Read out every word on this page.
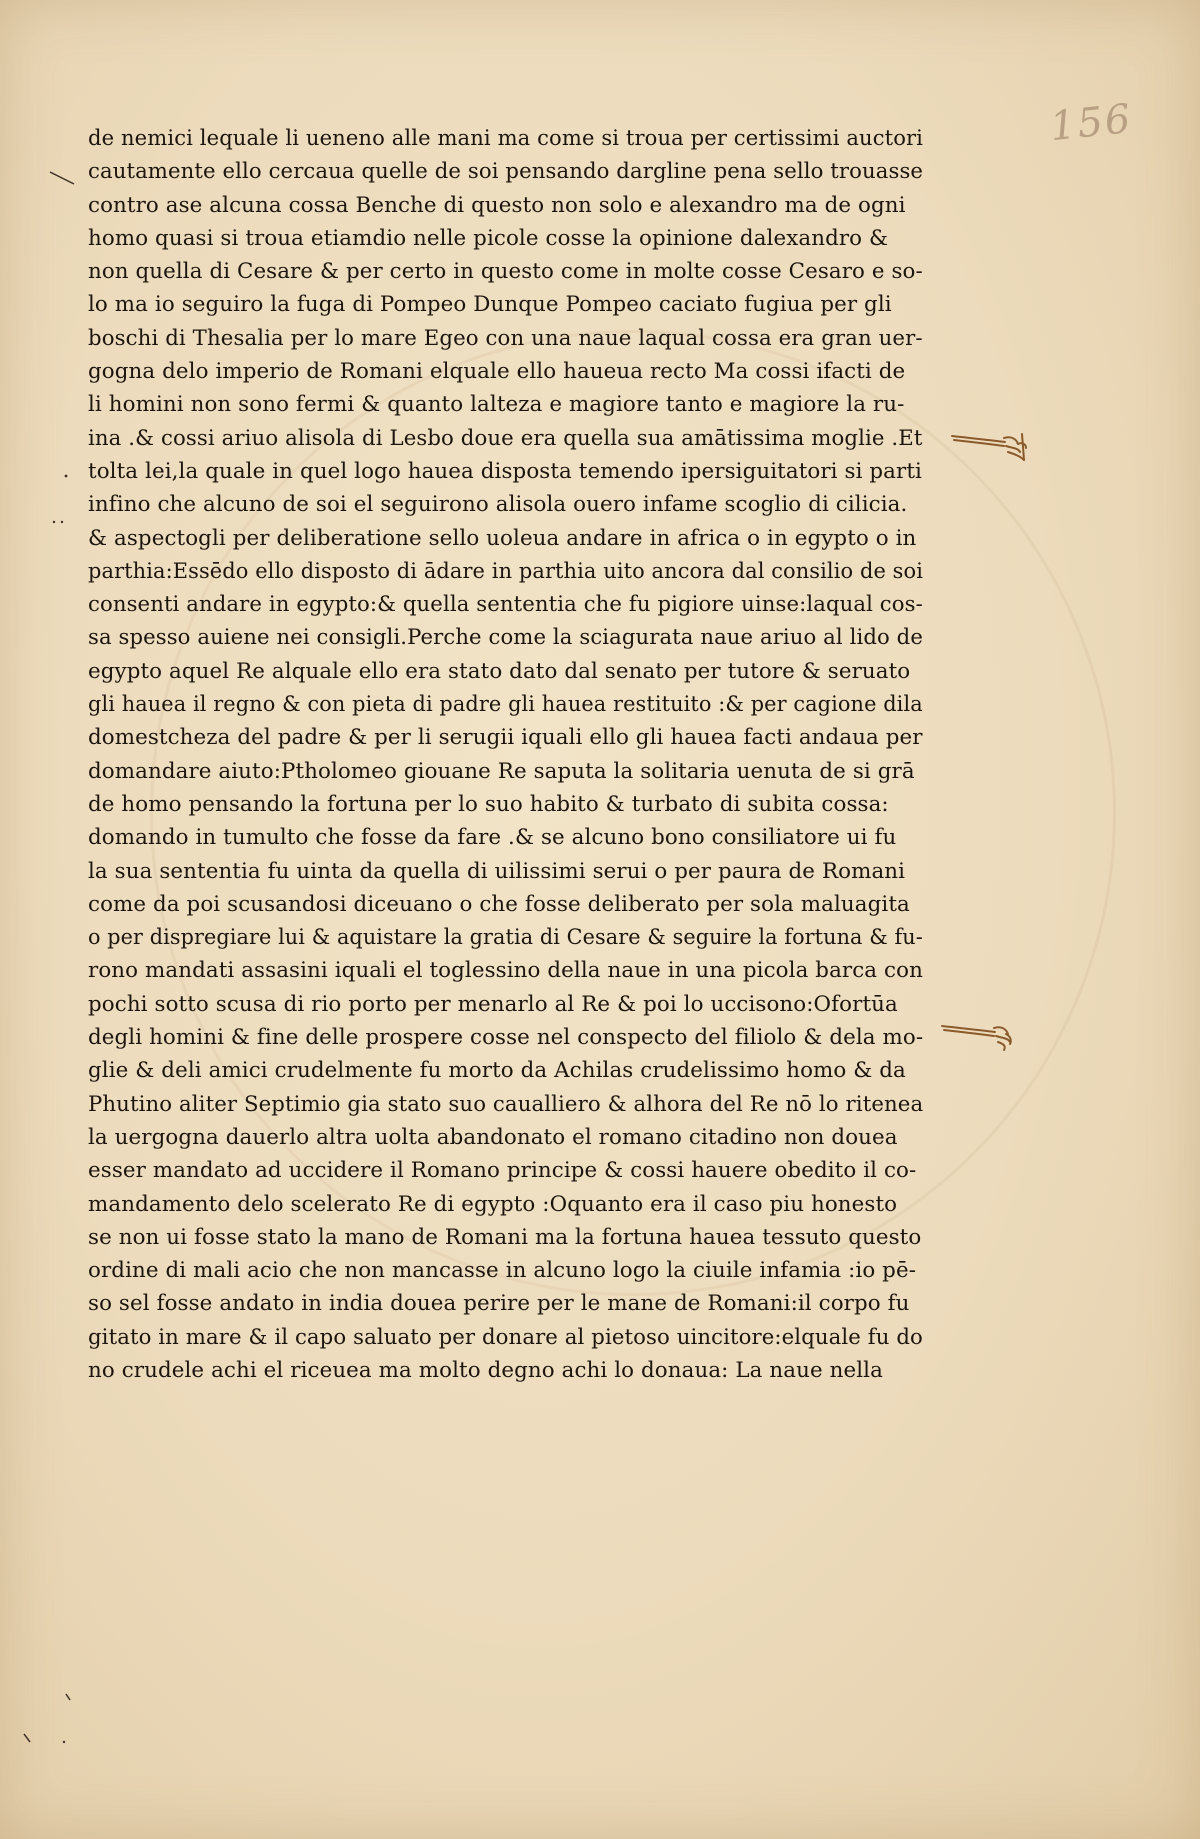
156
de nemici lequale li ueneno alle mani ma come si troua per certissimi auctori
cautamente ello cercaua quelle de soi pensando dargline pena sello trouasse
contro ase alcuna cossa Benche di questo non solo e alexandro ma de ogni
homo quasi si troua etiamdio nelle picole cosse la opinione dalexandro &
non quella di Cesare & per certo in questo come in molte cosse Cesaro e so-
lo ma io seguiro la fuga di Pompeo Dunque Pompeo caciato fugiua per gli
boschi di Thesalia per lo mare Egeo con una naue laqual cossa era gran uer-
gogna delo imperio de Romani elquale ello haueua recto Ma cossi ifacti de
li homini non sono fermi & quanto lalteza e magiore tanto e magiore la ru-
ina .& cossi ariuo alisola di Lesbo doue era quella sua amātissima moglie .Et
tolta lei,la quale in quel logo hauea disposta temendo ipersiguitatori si parti
infino che alcuno de soi el seguirono alisola ouero infame scoglio di cilicia.
& aspectogli per deliberatione sello uoleua andare in africa o in egypto o in
parthia:Essēdo ello disposto di ādare in parthia uito ancora dal consilio de soi
consenti andare in egypto:& quella sententia che fu pigiore uinse:laqual cos-
sa spesso auiene nei consigli.Perche come la sciagurata naue ariuo al lido de
egypto aquel Re alquale ello era stato dato dal senato per tutore & seruato
gli hauea il regno & con pieta di padre gli hauea restituito :& per cagione dila
domestcheza del padre & per li serugii iquali ello gli hauea facti andaua per
domandare aiuto:Ptholomeo giouane Re saputa la solitaria uenuta de si grā
de homo pensando la fortuna per lo suo habito & turbato di subita cossa:
domando in tumulto che fosse da fare .& se alcuno bono consiliatore ui fu
la sua sententia fu uinta da quella di uilissimi serui o per paura de Romani
come da poi scusandosi diceuano o che fosse deliberato per sola maluagita
o per dispregiare lui & aquistare la gratia di Cesare & seguire la fortuna & fu-
rono mandati assasini iquali el toglessino della naue in una picola barca con
pochi sotto scusa di rio porto per menarlo al Re & poi lo uccisono:Ofortūa
degli homini & fine delle prospere cosse nel conspecto del filiolo & dela mo-
glie & deli amici crudelmente fu morto da Achilas crudelissimo homo & da
Phutino aliter Septimio gia stato suo caualliero & alhora del Re nō lo ritenea
la uergogna dauerlo altra uolta abandonato el romano citadino non douea
esser mandato ad uccidere il Romano principe & cossi hauere obedito il co-
mandamento delo scelerato Re di egypto :Oquanto era il caso piu honesto
se non ui fosse stato la mano de Romani ma la fortuna hauea tessuto questo
ordine di mali acio che non mancasse in alcuno logo la ciuile infamia :io pē-
so sel fosse andato in india douea perire per le mane de Romani:il corpo fu
gitato in mare & il capo saluato per donare al pietoso uincitore:elquale fu do
no crudele achi el riceuea ma molto degno achi lo donaua: La naue nella
